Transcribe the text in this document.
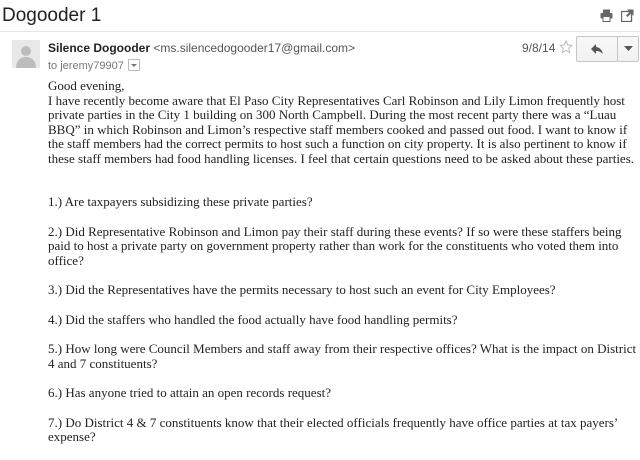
Dogooder 1
Silence Dogooder <ms.silencedogooder17@gmail.com>	9/8/14
to jeremy79907

Good evening,

I have recently become aware that El Paso City Representatives Carl Robinson and Lily Limon frequently host private parties in the City 1 building on 300 North Campbell. During the most recent party there was a “Luau BBQ” in which Robinson and Limon’s respective staff members cooked and passed out food. I want to know if the staff members had the correct permits to host such a function on city property. It is also pertinent to know if these staff members had food handling licenses. I feel that certain questions need to be asked about these parties.

1.) Are taxpayers subsidizing these private parties?

2.) Did Representative Robinson and Limon pay their staff during these events? If so were these staffers being paid to host a private party on government property rather than work for the constituents who voted them into office?

3.) Did the Representatives have the permits necessary to host such an event for City Employees?

4.) Did the staffers who handled the food actually have food handling permits?

5.) How long were Council Members and staff away from their respective offices? What is the impact on District 4 and 7 constituents?

6.) Has anyone tried to attain an open records request?

7.) Do District 4 & 7 constituents know that their elected officials frequently have office parties at tax payers’ expense?
